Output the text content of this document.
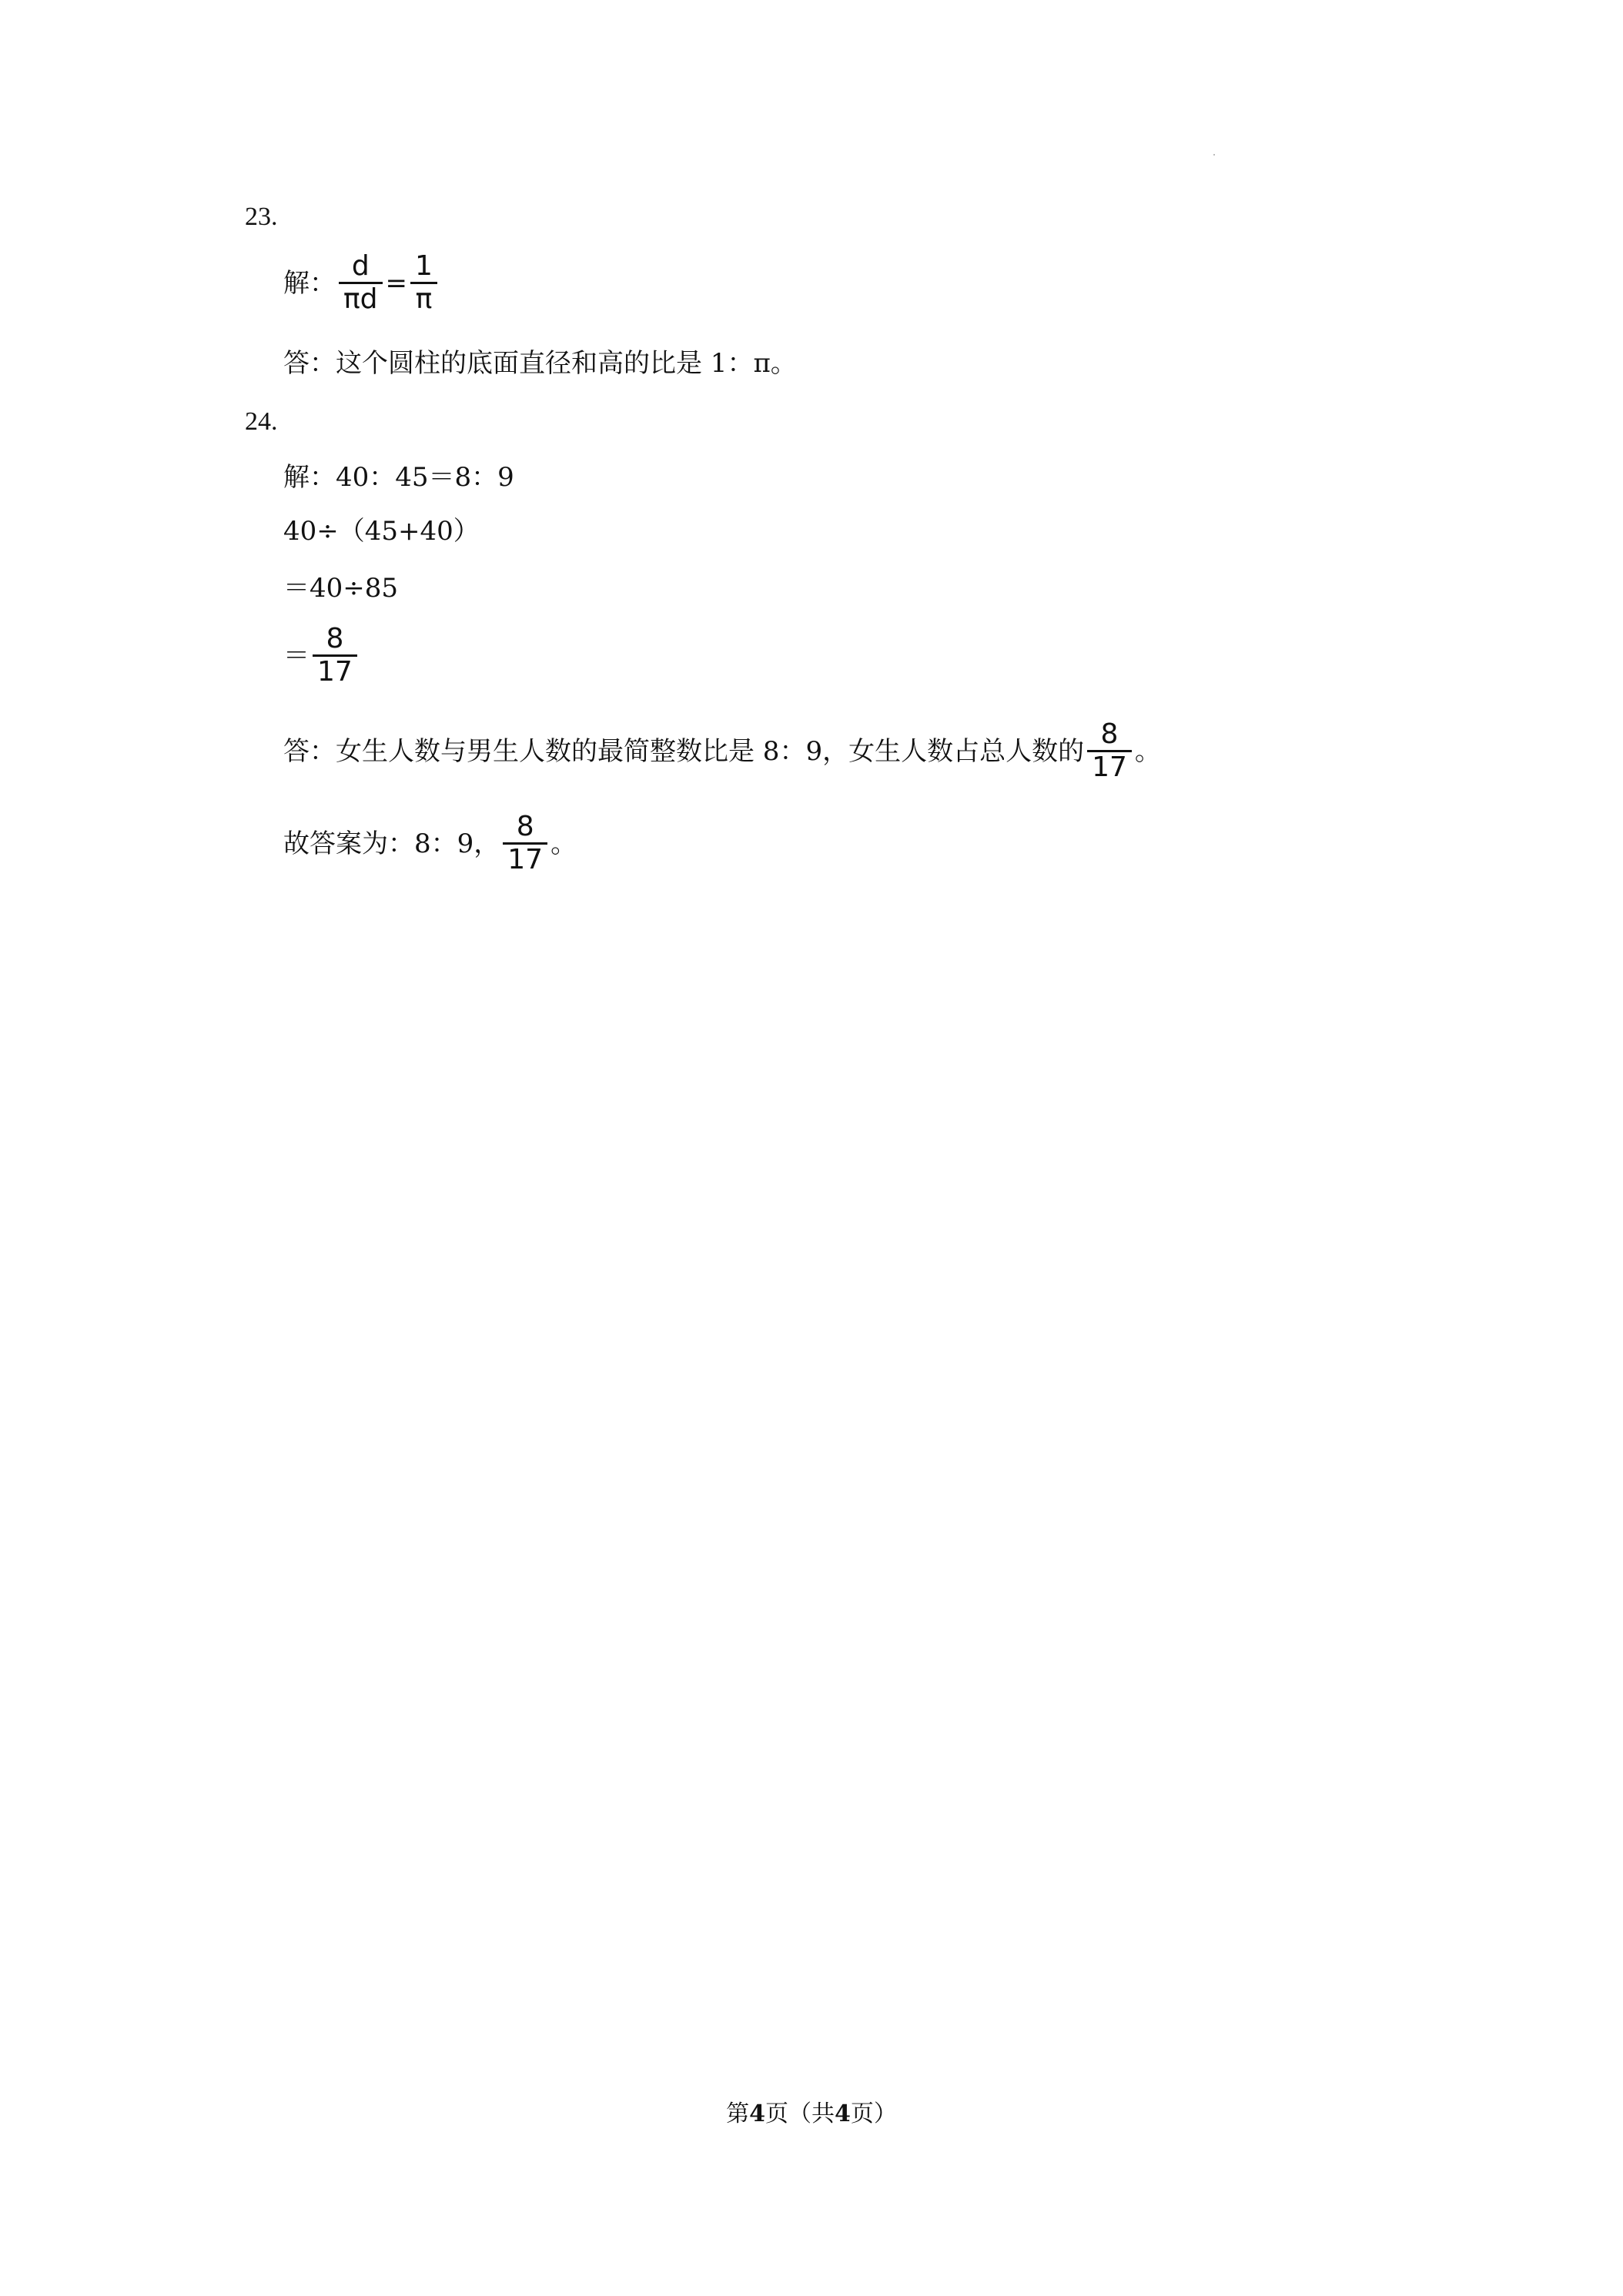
23.
解： $\frac{d}{\pi d} = \frac{1}{\pi}$
答：这个圆柱的底面直径和高的比是 1：π。
24.
解：40：45＝8：9
40÷（45+40）
＝40÷85
＝ $\frac{8}{17}$
答：女生人数与男生人数的最简整数比是 8：9，女生人数占总人数的 $\frac{8}{17}$ 。
故答案为：8：9， $\frac{8}{17}$ 。
第4页（共4页）
